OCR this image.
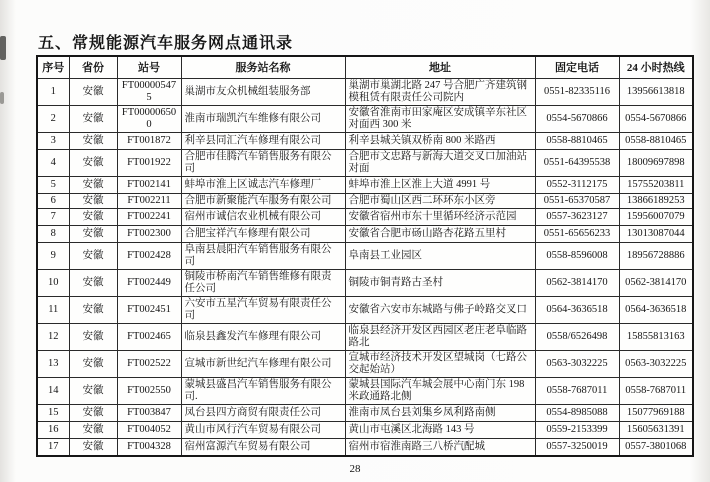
五、常规能源汽车服务网点通讯录
序号	省份	站号	服务站名称	地址	固定电话	24 小时热线
1	安徽	FT000005475	巢湖市友众机械组装服务部	巢湖市巢湖北路 247 号合肥广齐建筑钢模租赁有限责任公司院内	0551-82335116	13956613818
2	安徽	FT000006500	淮南市瑞凯汽车维修有限公司	安徽省淮南市田家庵区安成镇辛东社区对面西 300 米	0554-5670866	0554-5670866
3	安徽	FT001872	利辛县同汇汽车修理有限公司	利辛县城关镇双桥南 800 米路西	0558-8810465	0558-8810465
4	安徽	FT001922	合肥市佳腾汽车销售服务有限公司	合肥市文忠路与新海大道交叉口加油站对面	0551-64395538	18009697898
5	安徽	FT002141	蚌埠市淮上区诚志汽车修理厂	蚌埠市淮上区淮上大道 4991 号	0552-3112175	15755203811
6	安徽	FT002211	合肥市新聚能汽车服务有限公司	合肥市蜀山区西二环环东小区旁	0551-65370587	13866189253
7	安徽	FT002241	宿州市诚信农业机械有限公司	安徽省宿州市东十里循环经济示范园	0557-3623127	15956007079
8	安徽	FT002300	合肥宝祥汽车修理有限公司	安徽省合肥市砀山路杏花路五里村	0551-65656233	13013087044
9	安徽	FT002428	阜南县晨阳汽车销售服务有限公司	阜南县工业园区	0558-8596008	18956728886
10	安徽	FT002449	铜陵市桥南汽车销售维修有限责任公司	铜陵市铜青路古圣村	0562-3814170	0562-3814170
11	安徽	FT002451	六安市五星汽车贸易有限责任公司	安徽省六安市东城路与佛子岭路交叉口	0564-3636518	0564-3636518
12	安徽	FT002465	临泉县鑫发汽车修理有限公司	临泉县经济开发区西园区老庄老阜临路路北	0558/6526498	15855813163
13	安徽	FT002522	宣城市新世纪汽车修理有限公司	宣城市经济技术开发区望城岗（七路公交起始站）	0563-3032225	0563-3032225
14	安徽	FT002550	蒙城县盛昌汽车销售服务有限公司.	蒙城县国际汽车城会展中心南门东 198 米政通路北侧	0558-7687011	0558-7687011
15	安徽	FT003847	凤台县四方商贸有限责任公司	淮南市凤台县刘集乡凤利路南侧	0554-8985088	15077969188
16	安徽	FT004052	黄山市风行汽车贸易有限公司	黄山市屯溪区北海路 143 号	0559-2153399	15605631391
17	安徽	FT004328	宿州富源汽车贸易有限公司	宿州市宿淮南路三八桥汽配城	0557-3250019	0557-3801068
28
